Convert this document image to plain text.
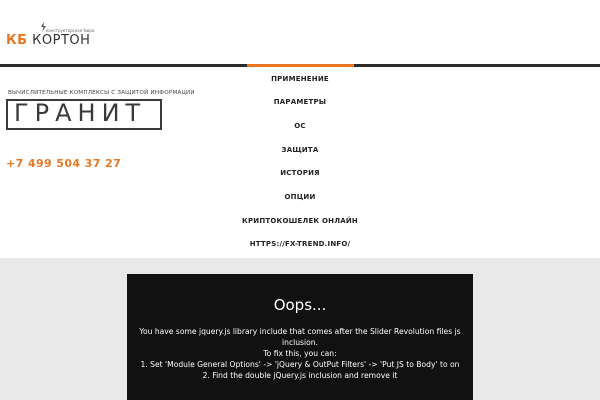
конструкторское бюро
КБ КОРТОН
ВЫЧИСЛИТЕЛЬНЫЕ КОМПЛЕКСЫ С ЗАЩИТОЙ ИНФОРМАЦИИ
ГРАНИТ
+7 499 504 37 27
ПРИМЕНЕНИЕ
ПАРАМЕТРЫ
ОС
ЗАЩИТА
ИСТОРИЯ
ОПЦИИ
КРИПТОКОШЕЛЕК ОНЛАЙН
HTTPS://FX-TREND.INFO/
Oops...
You have some jquery.js library include that comes after the Slider Revolution files js
inclusion.
To fix this, you can:
1. Set 'Module General Options' -> 'jQuery & OutPut Filters' -> 'Put JS to Body' to on
2. Find the double jQuery.js inclusion and remove it
